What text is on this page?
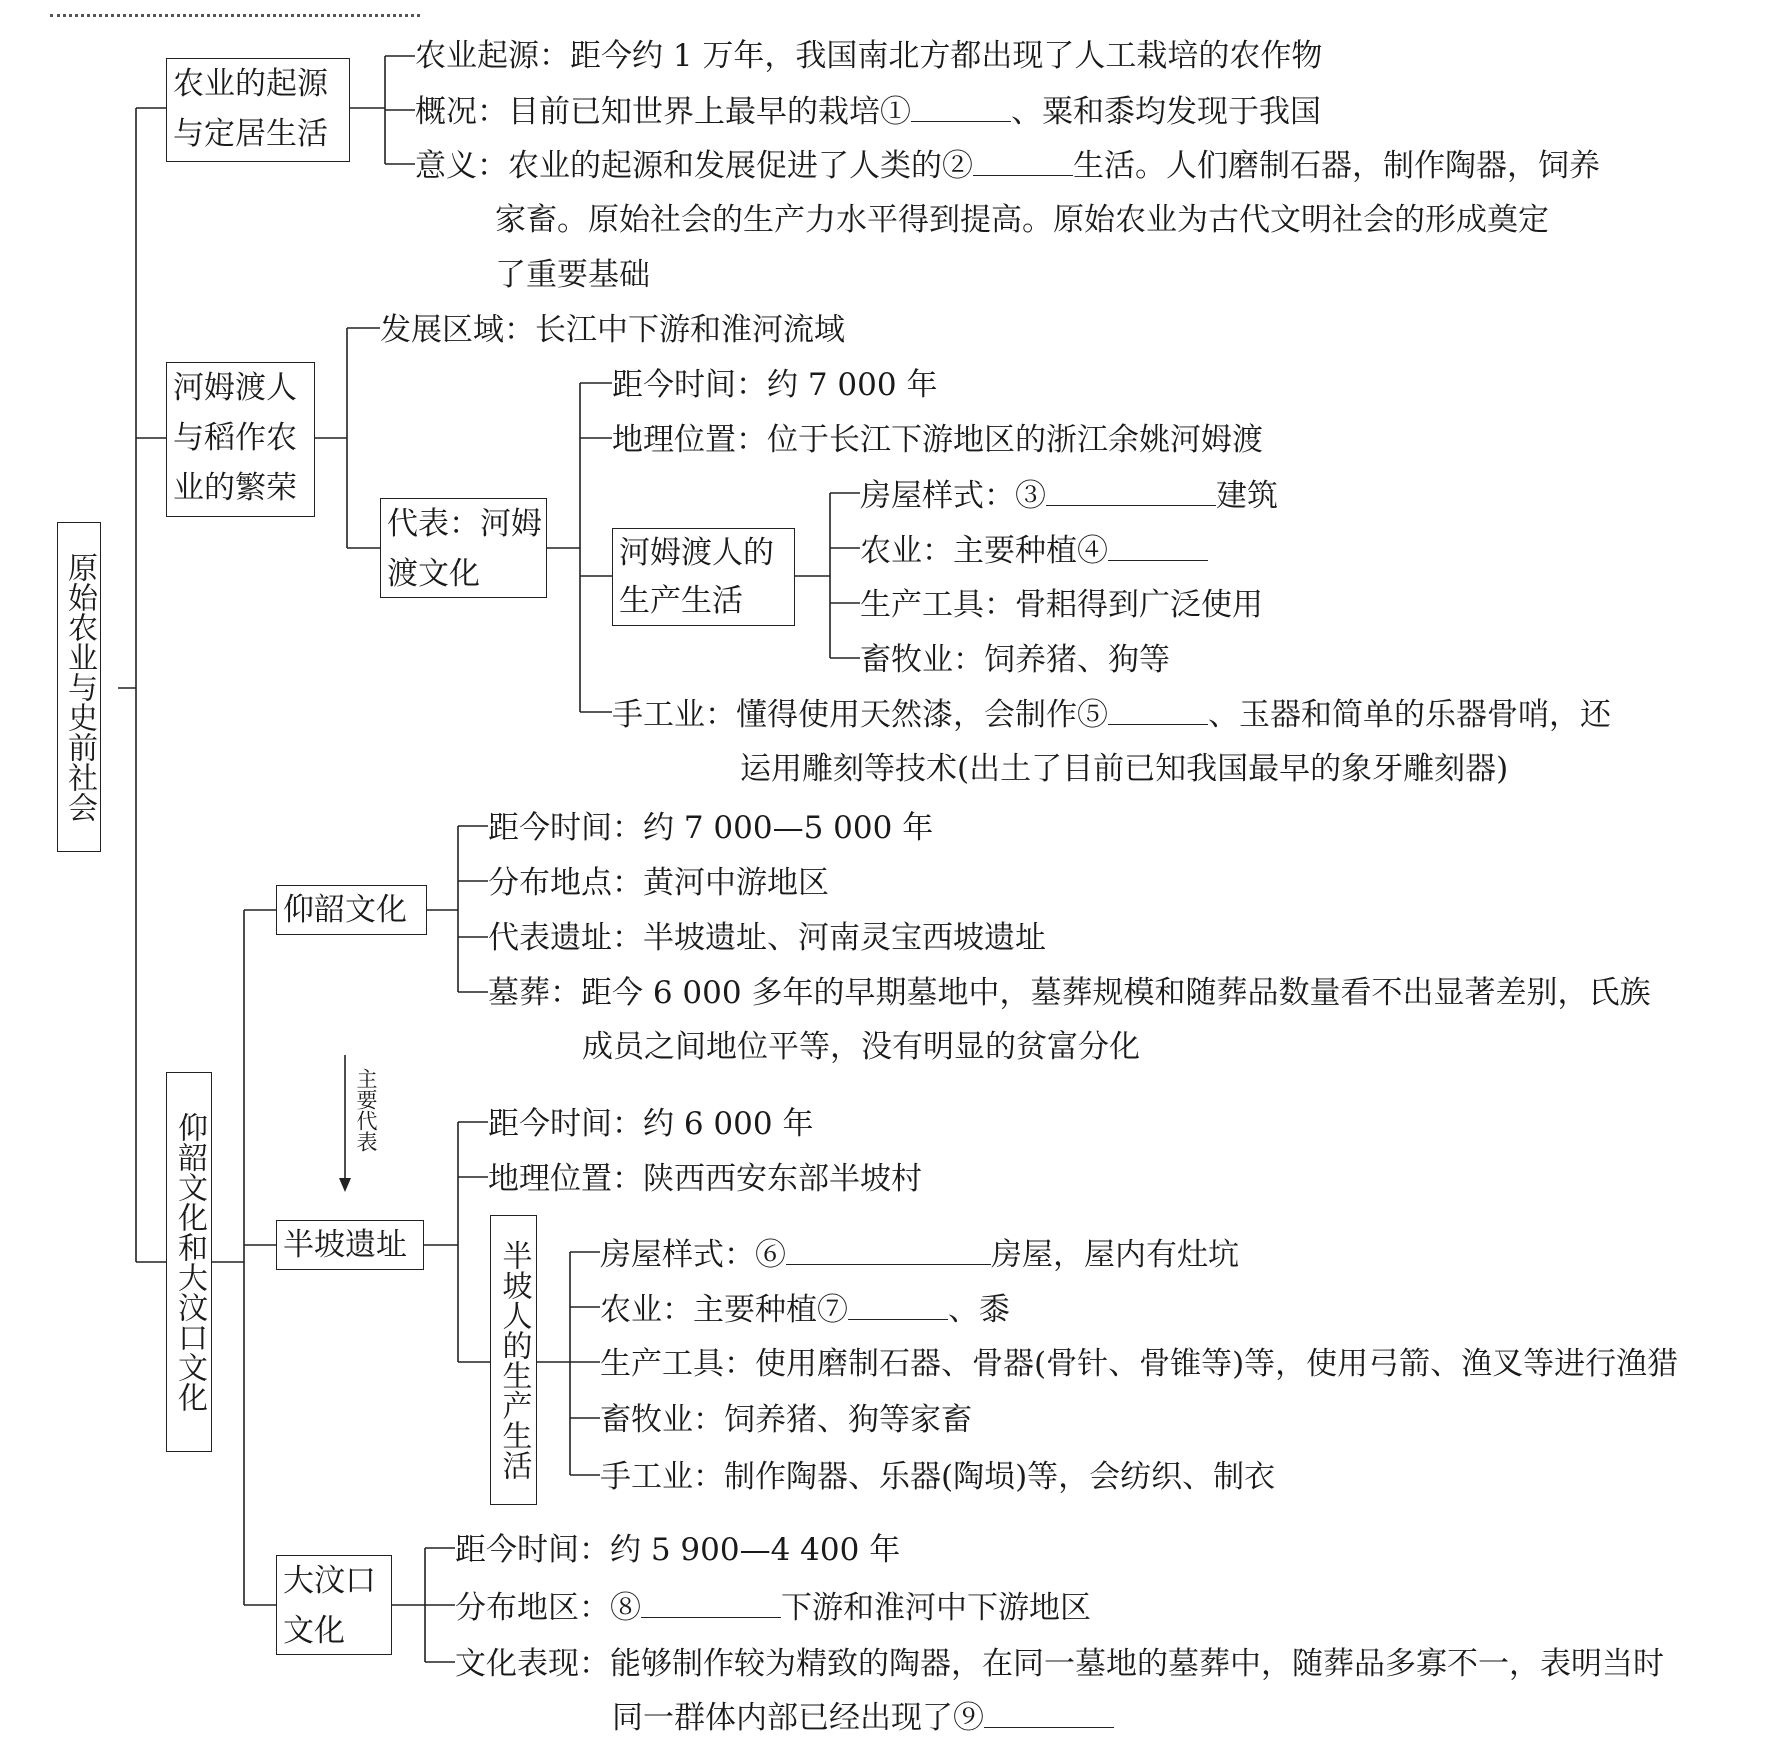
原始农业与史前社会
农业的起源
与定居生活
农业起源：距今约 1 万年，我国南北方都出现了人工栽培的农作物
概况：目前已知世界上最早的栽培①	、粟和黍均发现于我国
意义：农业的起源和发展促进了人类的②	生活。人们磨制石器，制作陶器，饲养
家畜。原始社会的生产力水平得到提高。原始农业为古代文明社会的形成奠定
了重要基础
河姆渡人
与稻作农
业的繁荣
发展区域：长江中下游和淮河流域
代表：河姆
渡文化
距今时间：约 7 000 年
地理位置：位于长江下游地区的浙江余姚河姆渡
河姆渡人的
生产生活
房屋样式：③	建筑
农业：主要种植④
生产工具：骨耜得到广泛使用
畜牧业：饲养猪、狗等
手工业：懂得使用天然漆，会制作⑤	、玉器和简单的乐器骨哨，还
运用雕刻等技术(出土了目前已知我国最早的象牙雕刻器)
仰韶文化和大汶口文化
仰韶文化
距今时间：约 7 000—5 000 年
分布地点：黄河中游地区
代表遗址：半坡遗址、河南灵宝西坡遗址
墓葬：距今 6 000 多年的早期墓地中，墓葬规模和随葬品数量看不出显著差别，氏族
成员之间地位平等，没有明显的贫富分化
主要代表
半坡遗址
距今时间：约 6 000 年
地理位置：陕西西安东部半坡村
半坡人的生产生活 房屋样式：⑥	房屋，屋内有灶坑
农业：主要种植⑦	、黍
生产工具：使用磨制石器、骨器(骨针、骨锥等)等，使用弓箭、渔叉等进行渔猎
畜牧业：饲养猪、狗等家畜
手工业：制作陶器、乐器(陶埙)等，会纺织、制衣
大汶口
文化
距今时间：约 5 900—4 400 年
分布地区：⑧	下游和淮河中下游地区
文化表现：能够制作较为精致的陶器，在同一墓地的墓葬中，随葬品多寡不一，表明当时
同一群体内部已经出现了⑨
